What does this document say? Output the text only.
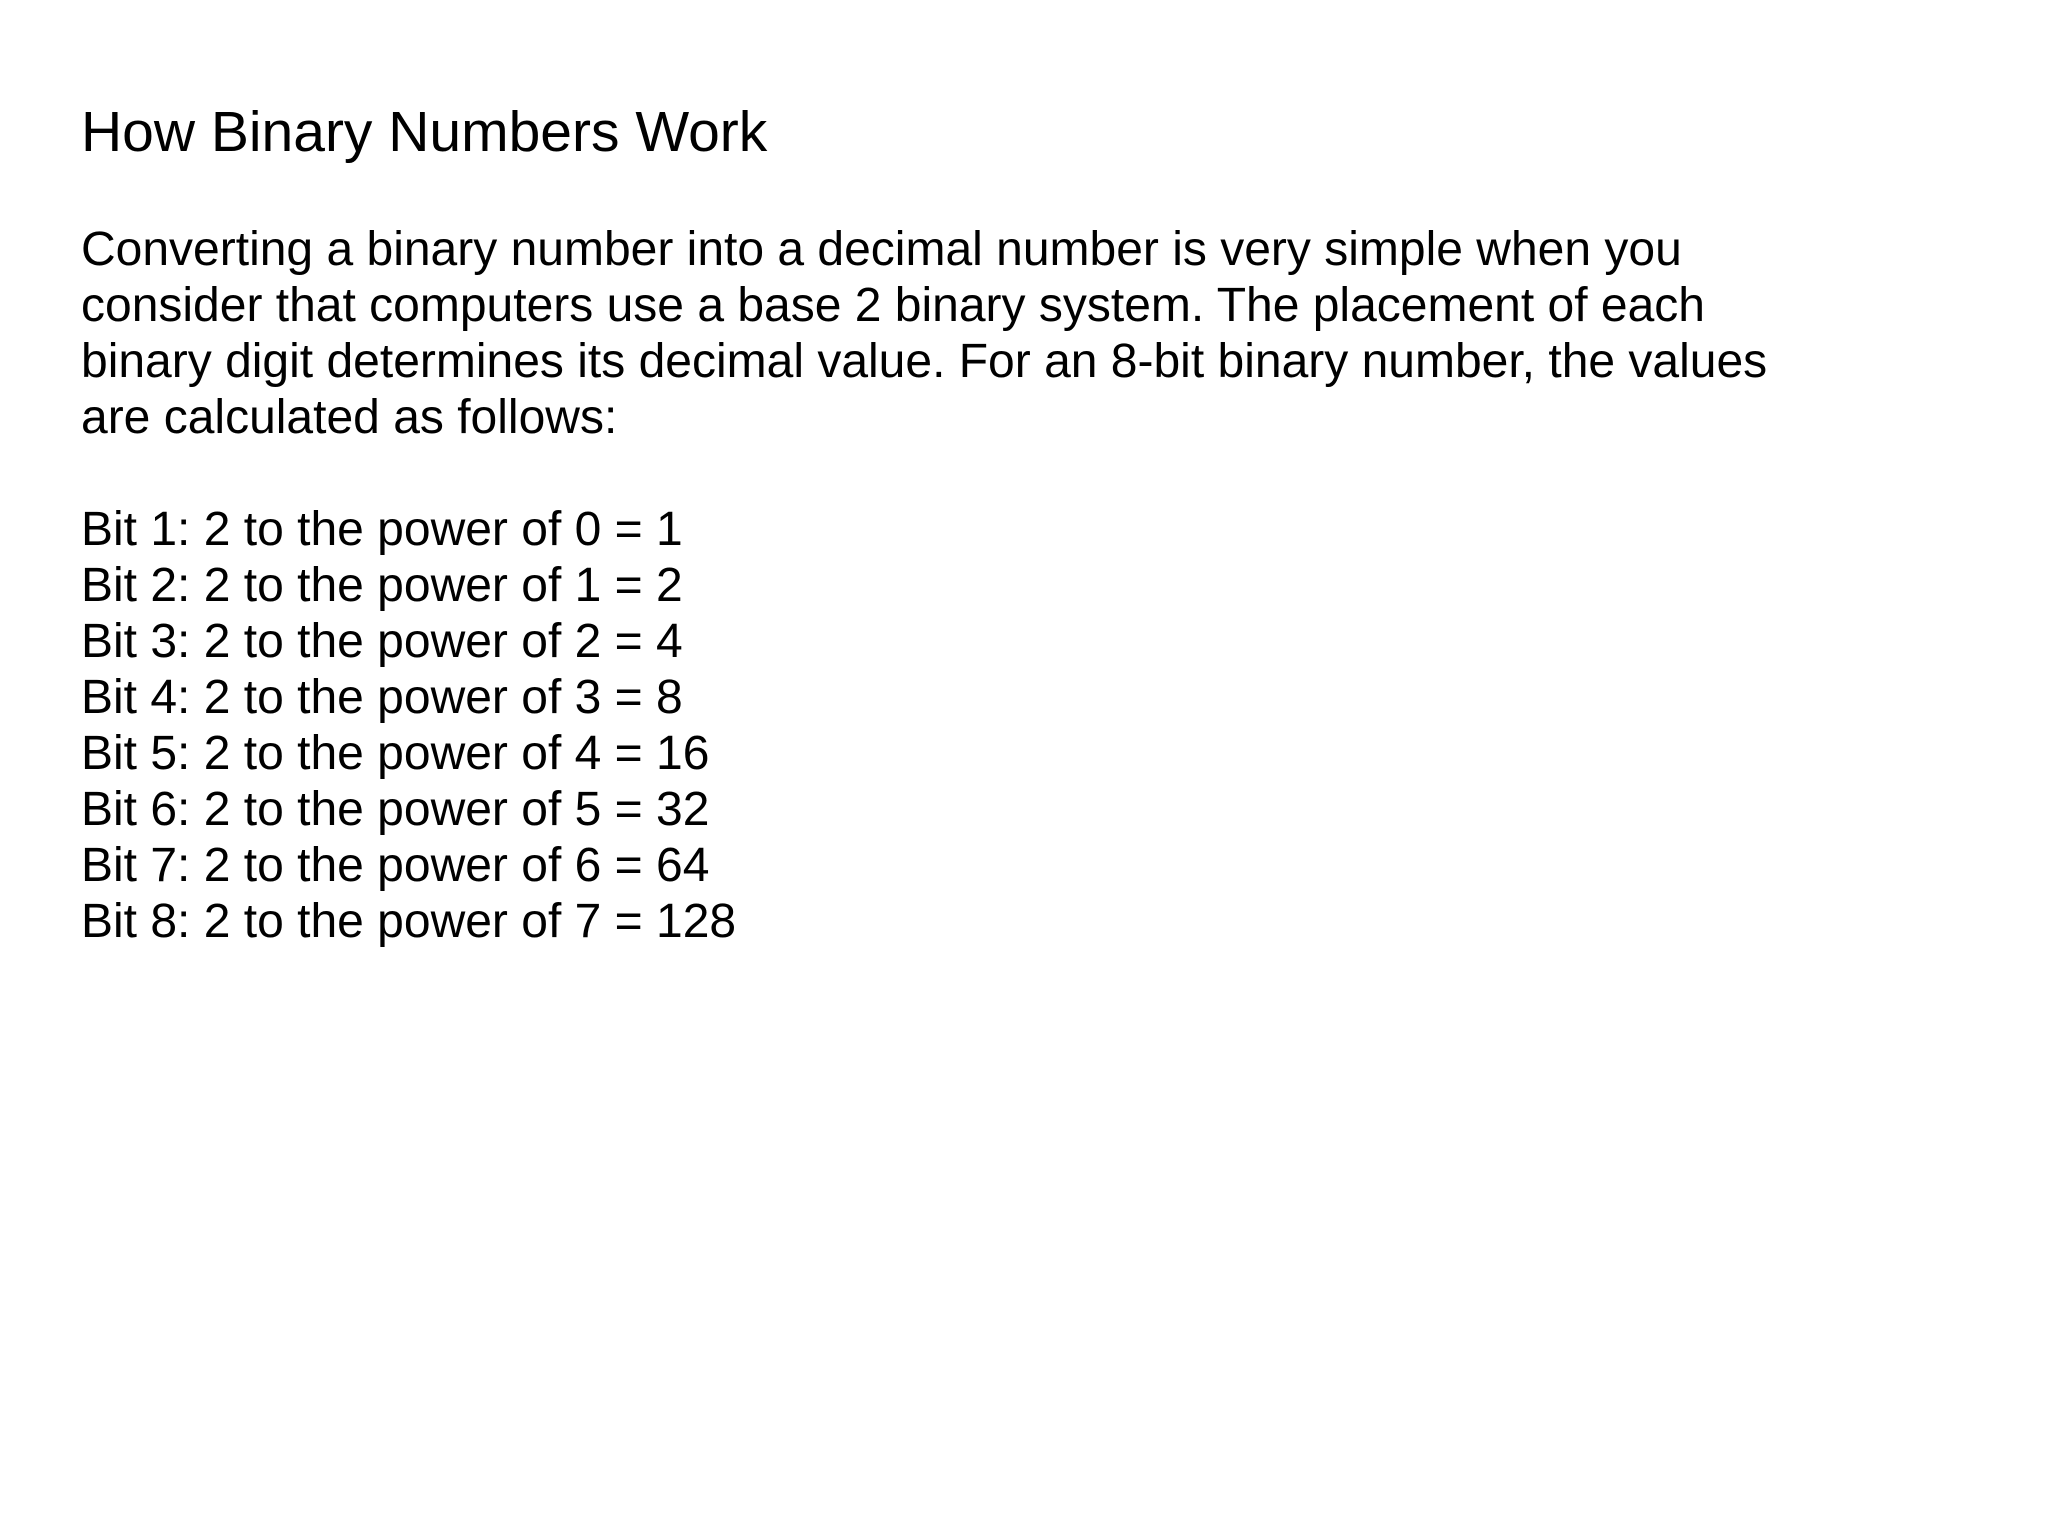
How Binary Numbers Work

Converting a binary number into a decimal number is very simple when you
consider that computers use a base 2 binary system. The placement of each
binary digit determines its decimal value. For an 8-bit binary number, the values
are calculated as follows:

Bit 1: 2 to the power of 0 = 1
Bit 2: 2 to the power of 1 = 2
Bit 3: 2 to the power of 2 = 4
Bit 4: 2 to the power of 3 = 8
Bit 5: 2 to the power of 4 = 16
Bit 6: 2 to the power of 5 = 32
Bit 7: 2 to the power of 6 = 64
Bit 8: 2 to the power of 7 = 128
